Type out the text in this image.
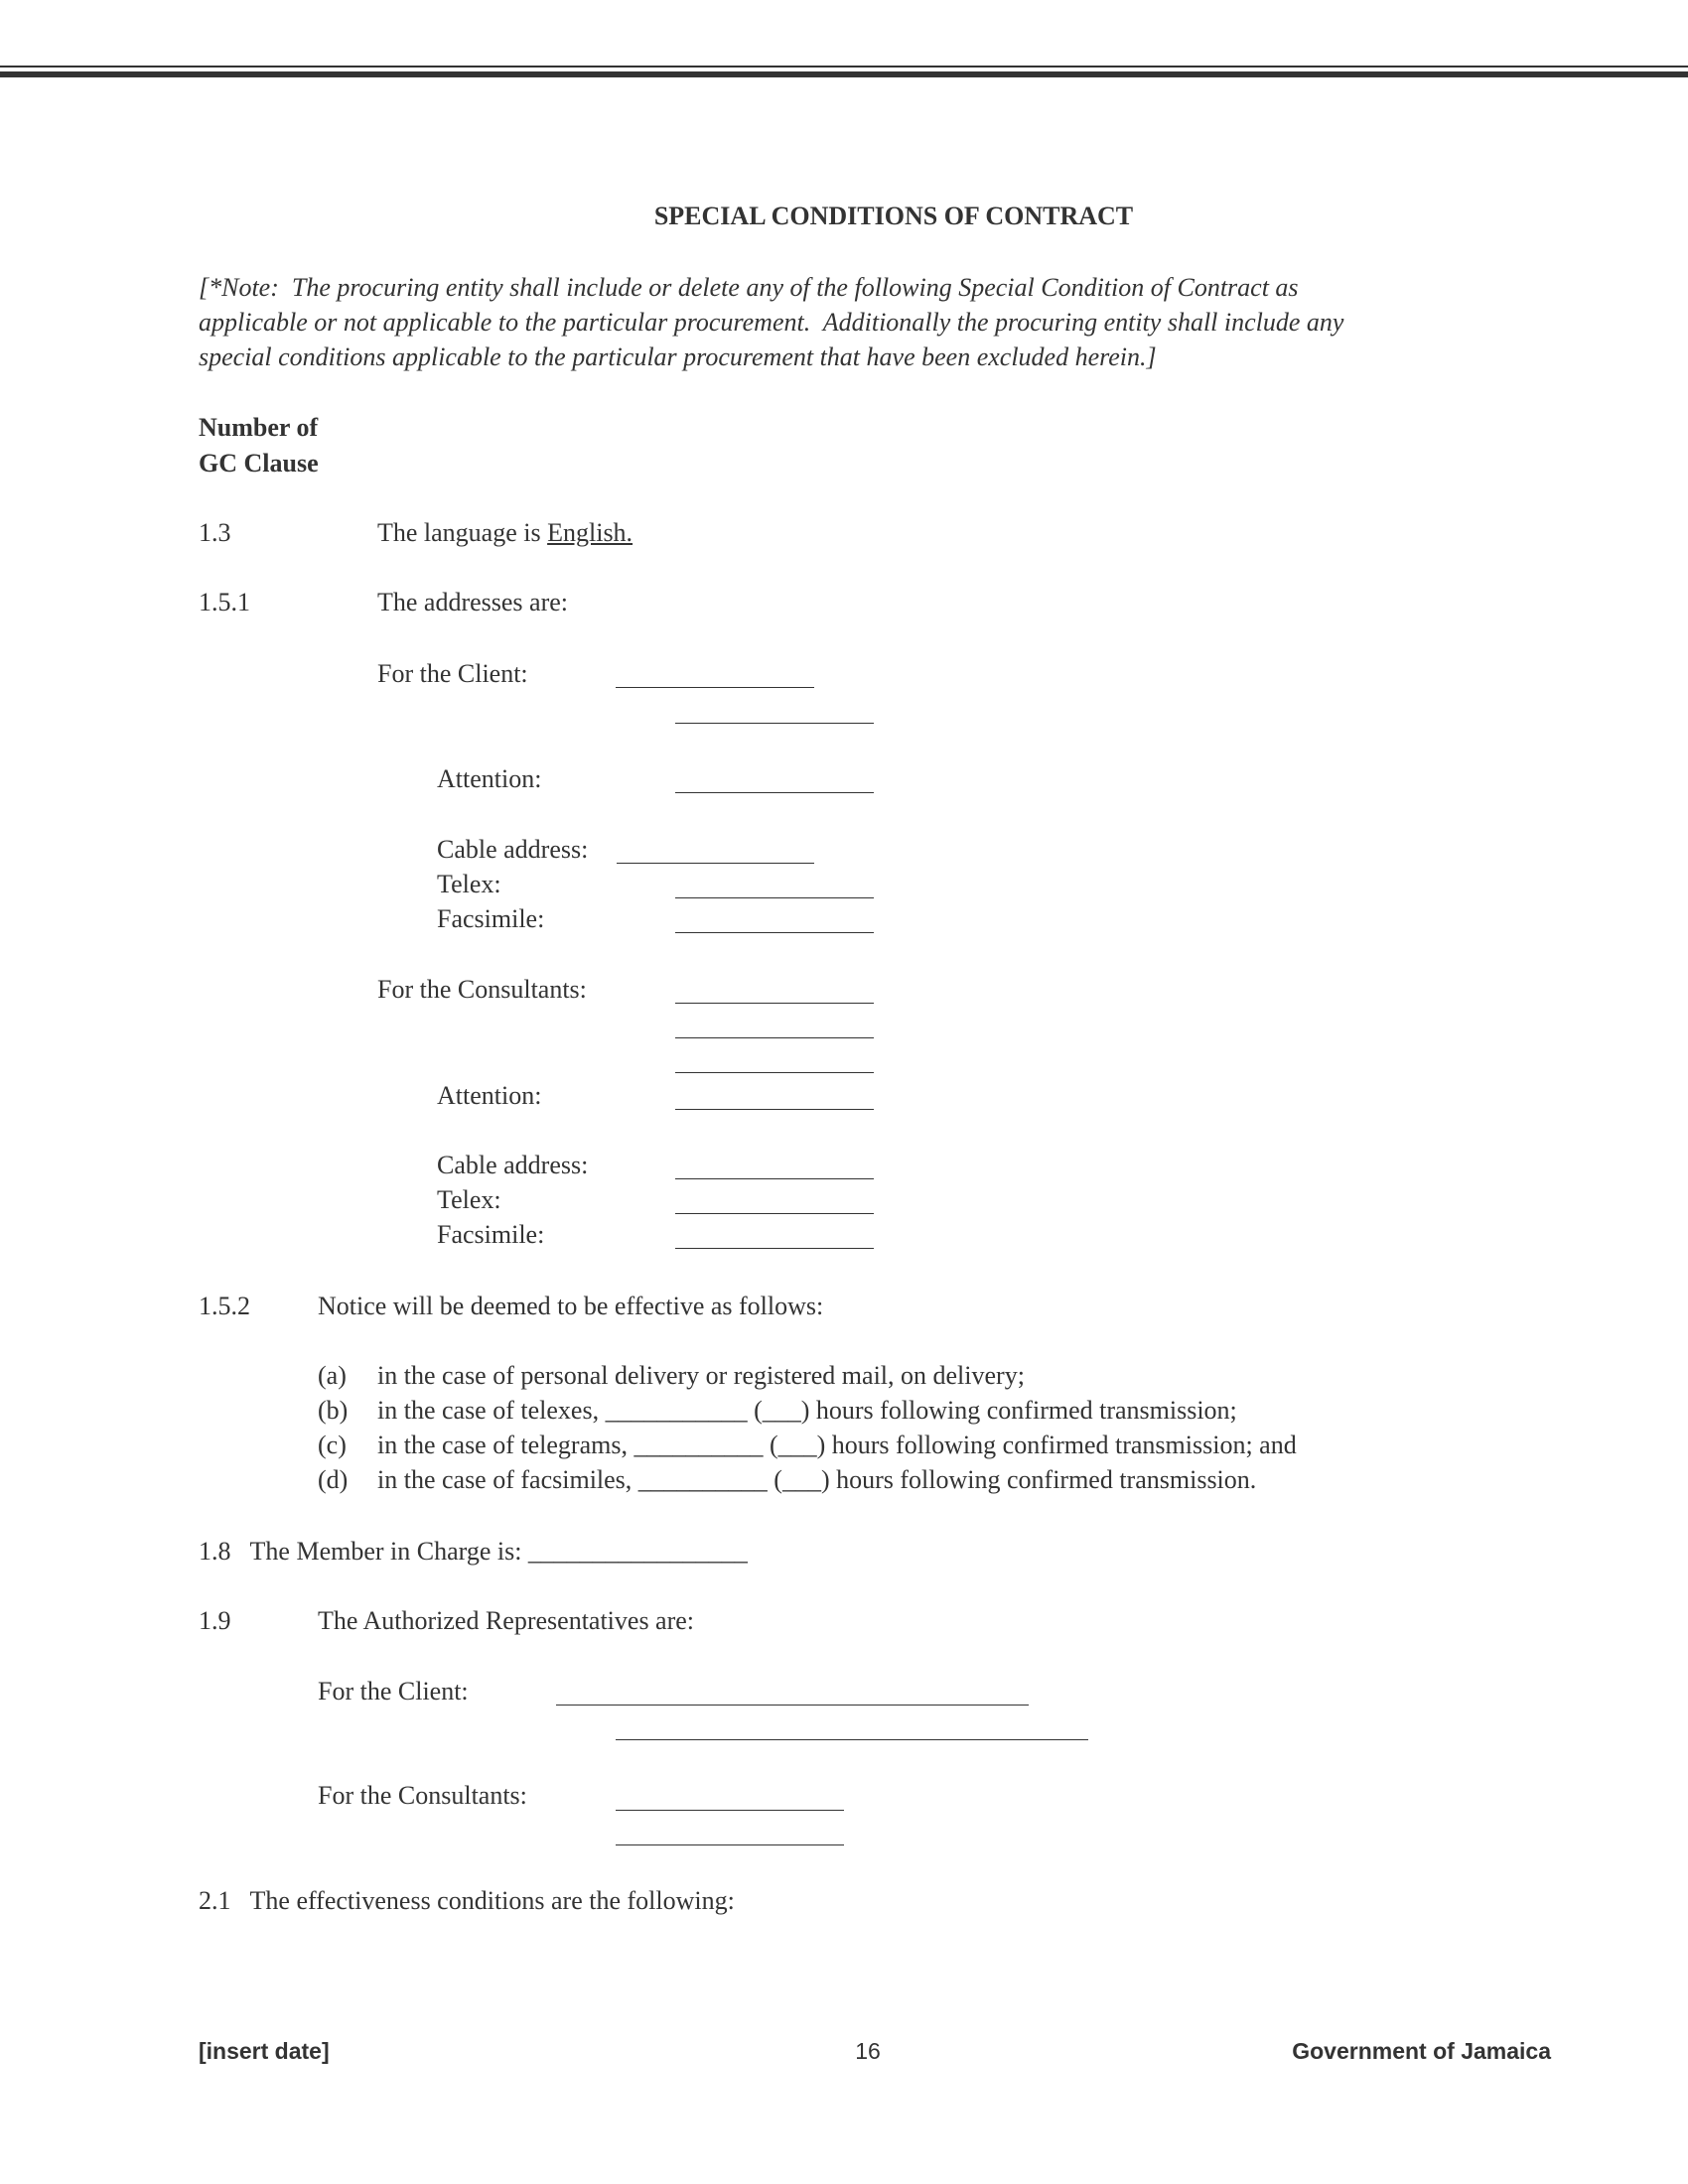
SPECIAL CONDITIONS OF CONTRACT
[*Note:  The procuring entity shall include or delete any of the following Special Condition of Contract as
applicable or not applicable to the particular procurement.  Additionally the procuring entity shall include any
special conditions applicable to the particular procurement that have been excluded herein.]
Number of
GC Clause
1.3	The language is English.
1.5.1	The addresses are:
For the Client:
Attention:
Cable address:
Telex:
Facsimile:
For the Consultants:
Attention:
Cable address:
Telex:
Facsimile:
1.5.2	Notice will be deemed to be effective as follows:
(a) in the case of personal delivery or registered mail, on delivery;
(b) in the case of telexes, ___________ (___) hours following confirmed transmission;
(c) in the case of telegrams, __________ (___) hours following confirmed transmission; and
(d) in the case of facsimiles, __________ (___) hours following confirmed transmission.
1.8   The Member in Charge is: _________________
1.9	The Authorized Representatives are:
For the Client:
For the Consultants:
2.1   The effectiveness conditions are the following:
[insert date]	16	Government of Jamaica
